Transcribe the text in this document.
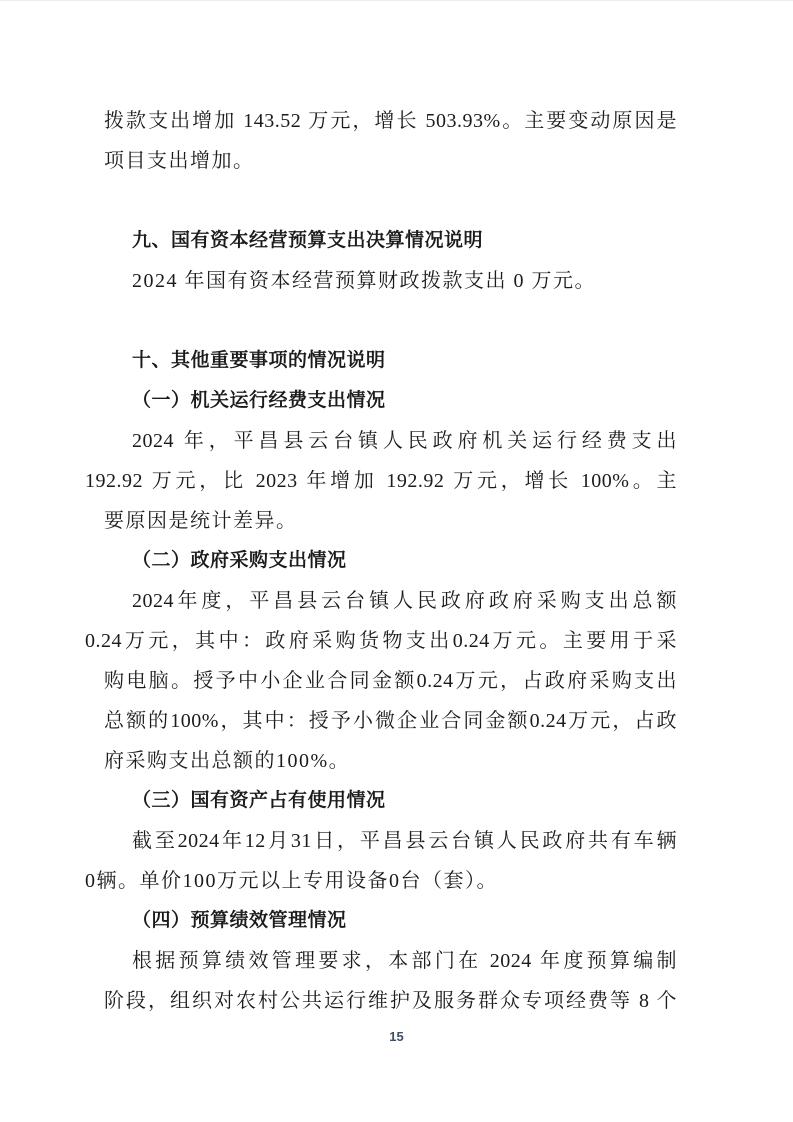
拨款支出增加 143.52 万元，增长 503.93%。主要变动原因是
项目支出增加。
九、国有资本经营预算支出决算情况说明
2024 年国有资本经营预算财政拨款支出 0 万元。
十、其他重要事项的情况说明
（一）机关运行经费支出情况
2024 年，平昌县云台镇人民政府机关运行经费支出
192.92 万元，比 2023 年增加 192.92 万元，增长 100%。主
要原因是统计差异。
（二）政府采购支出情况
2024年度，平昌县云台镇人民政府政府采购支出总额
0.24万元，其中：政府采购货物支出0.24万元。主要用于采
购电脑。授予中小企业合同金额0.24万元，占政府采购支出
总额的100%，其中：授予小微企业合同金额0.24万元，占政
府采购支出总额的100%。
（三）国有资产占有使用情况
截至2024年12月31日，平昌县云台镇人民政府共有车辆
0辆。单价100万元以上专用设备0台（套）。
（四）预算绩效管理情况
根据预算绩效管理要求，本部门在 2024 年度预算编制
阶段，组织对农村公共运行维护及服务群众专项经费等 8 个
15
